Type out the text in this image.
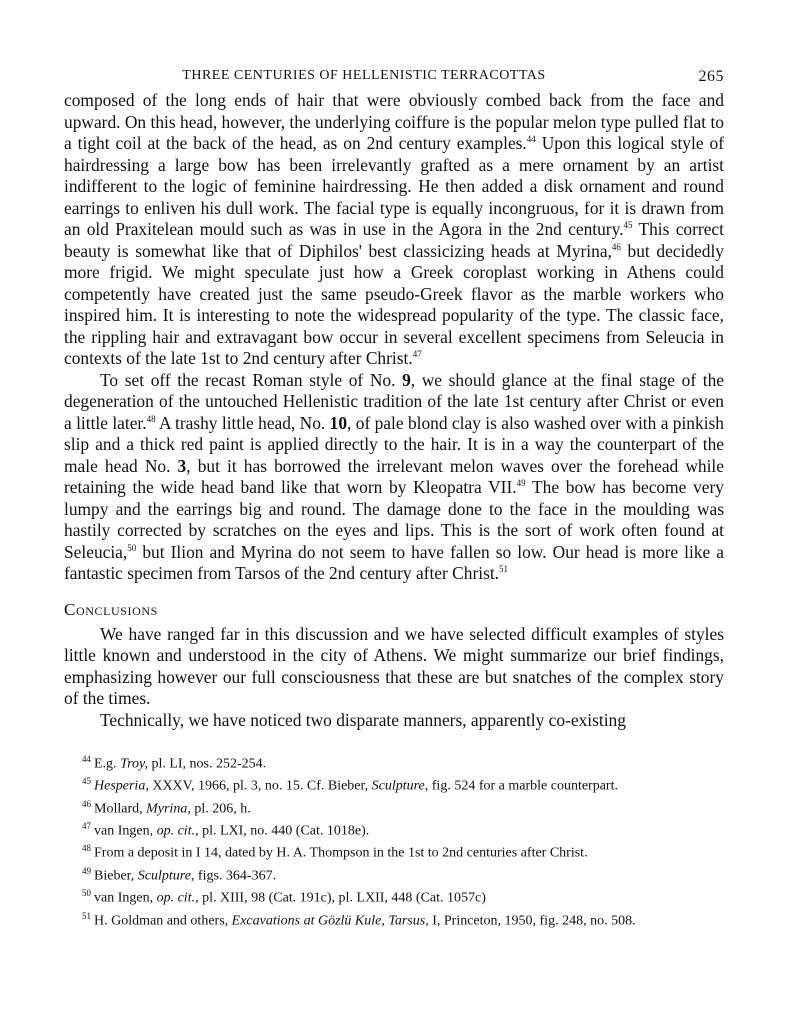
THREE CENTURIES OF HELLENISTIC TERRACOTTAS	265

composed of the long ends of hair that were obviously combed back from the face and upward. On this head, however, the underlying coiffure is the popular melon type pulled flat to a tight coil at the back of the head, as on 2nd century examples.$^{44}$ Upon this logical style of hairdressing a large bow has been irrelevantly grafted as a mere ornament by an artist indifferent to the logic of feminine hairdressing. He then added a disk ornament and round earrings to enliven his dull work. The facial type is equally incongruous, for it is drawn from an old Praxitelean mould such as was in use in the Agora in the 2nd century.$^{45}$ This correct beauty is somewhat like that of Diphilos' best classicizing heads at Myrina,$^{46}$ but decidedly more frigid. We might speculate just how a Greek coroplast working in Athens could competently have created just the same pseudo-Greek flavor as the marble workers who inspired him. It is interesting to note the widespread popularity of the type. The classic face, the rippling hair and extravagant bow occur in several excellent specimens from Seleucia in contexts of the late 1st to 2nd century after Christ.$^{47}$

To set off the recast Roman style of No. 9, we should glance at the final stage of the degeneration of the untouched Hellenistic tradition of the late 1st century after Christ or even a little later.$^{48}$ A trashy little head, No. 10, of pale blond clay is also washed over with a pinkish slip and a thick red paint is applied directly to the hair. It is in a way the counterpart of the male head No. 3, but it has borrowed the irrelevant melon waves over the forehead while retaining the wide head band like that worn by Kleopatra VII.$^{49}$ The bow has become very lumpy and the earrings big and round. The damage done to the face in the moulding was hastily corrected by scratches on the eyes and lips. This is the sort of work often found at Seleucia,$^{50}$ but Ilion and Myrina do not seem to have fallen so low. Our head is more like a fantastic specimen from Tarsos of the 2nd century after Christ.$^{51}$

Conclusions

We have ranged far in this discussion and we have selected difficult examples of styles little known and understood in the city of Athens. We might summarize our brief findings, emphasizing however our full consciousness that these are but snatches of the complex story of the times.

Technically, we have noticed two disparate manners, apparently co-existing

$^{44}$ E.g. Troy, pl. LI, nos. 252-254.

$^{45}$ Hesperia, XXXV, 1966, pl. 3, no. 15. Cf. Bieber, Sculpture, fig. 524 for a marble counterpart.

$^{46}$ Mollard, Myrina, pl. 206, h.

$^{47}$ van Ingen, op. cit., pl. LXI, no. 440 (Cat. 1018e).

$^{48}$ From a deposit in I 14, dated by H. A. Thompson in the 1st to 2nd centuries after Christ.

$^{49}$ Bieber, Sculpture, figs. 364-367.

$^{50}$ van Ingen, op. cit., pl. XIII, 98 (Cat. 191c), pl. LXII, 448 (Cat. 1057c)

$^{51}$ H. Goldman and others, Excavations at Gözlü Kule, Tarsus, I, Princeton, 1950, fig. 248, no. 508.
